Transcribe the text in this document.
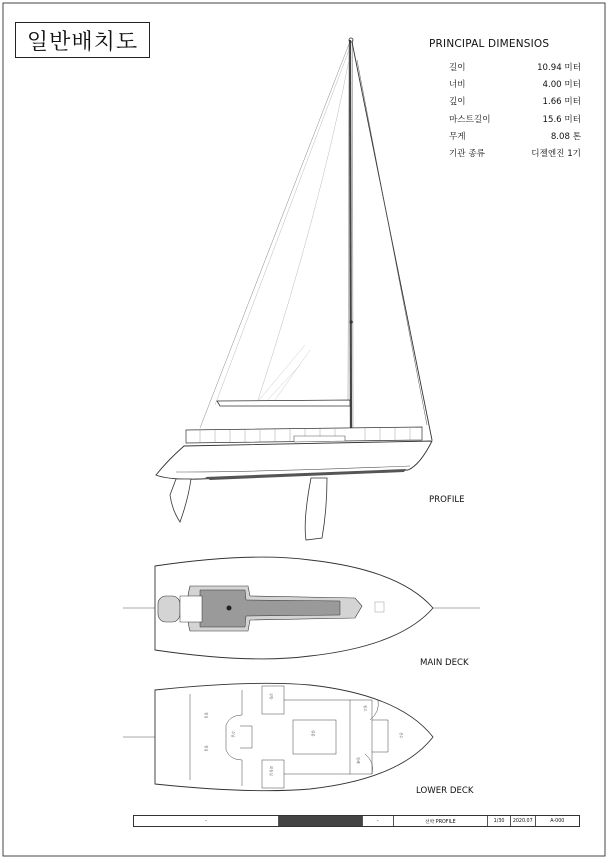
일반배치도	PRINCIPAL DIMENSIOS
길이	10.94 미터
너비	4.00 미터
깊이	1.66 미터
마스트길이	15.6 미터
무게	8.08 톤
기관 종류	디젤엔진 1기
PROFILE
MAIN DECK
침실
침실
주방
화장실
수납	살롱
항해
창고
선수
LOWER DECK
-	-	선박 PROFILE	1/30	2020.07	A-000
